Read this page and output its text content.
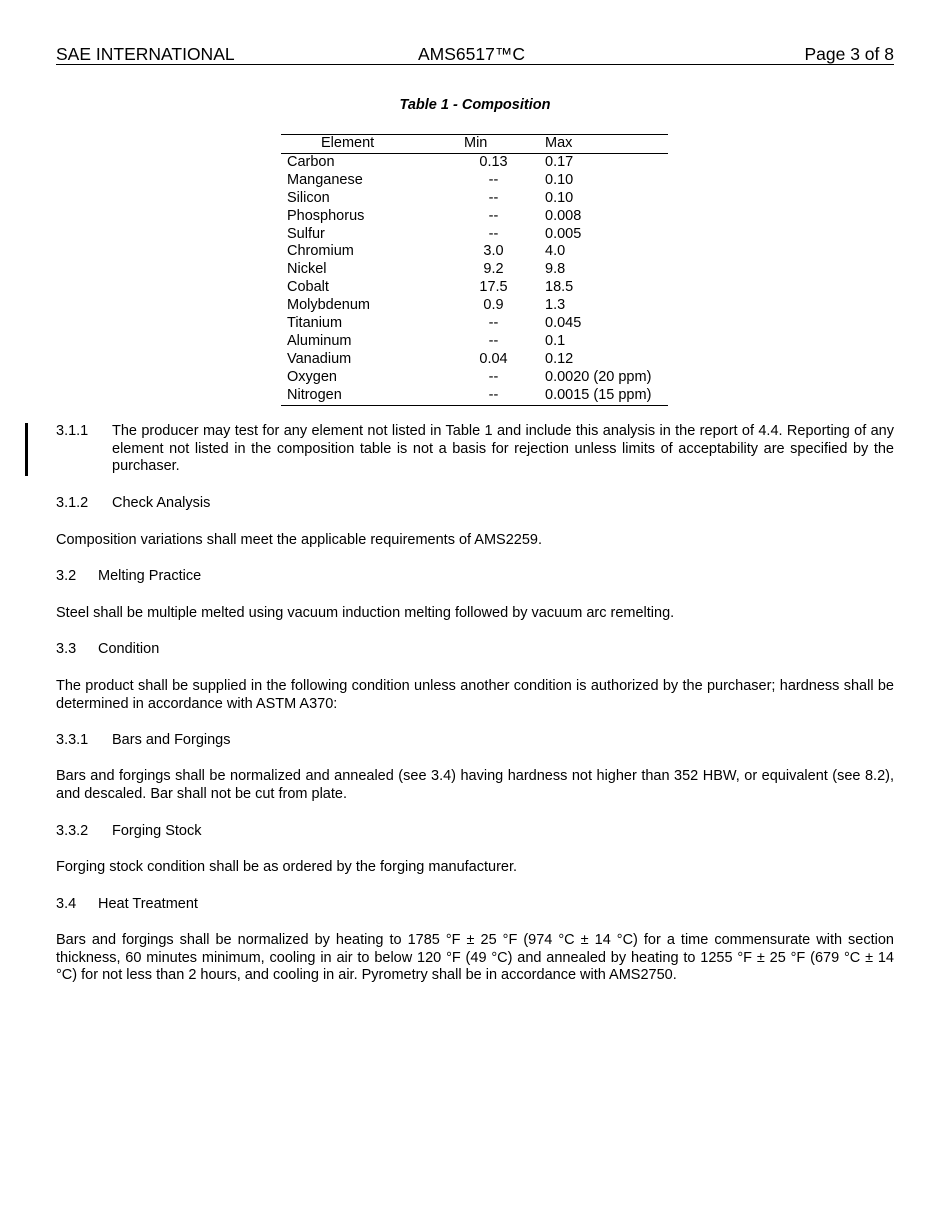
SAE INTERNATIONAL	AMS6517™C	Page 3 of 8
Table 1 - Composition
Element	Min	Max
Carbon	0.13	0.17
Manganese	--	0.10
Silicon	--	0.10
Phosphorus	--	0.008
Sulfur	--	0.005
Chromium	3.0	4.0
Nickel	9.2	9.8
Cobalt	17.5	18.5
Molybdenum	0.9	1.3
Titanium	--	0.045
Aluminum	--	0.1
Vanadium	0.04	0.12
Oxygen	--	0.0020 (20 ppm)
Nitrogen	--	0.0015 (15 ppm)
3.1.1 The producer may test for any element not listed in Table 1 and include this analysis in the report of 4.4. Reporting of any element not listed in the composition table is not a basis for rejection unless limits of acceptability are specified by the purchaser.
3.1.2 Check Analysis
Composition variations shall meet the applicable requirements of AMS2259.
3.2 Melting Practice
Steel shall be multiple melted using vacuum induction melting followed by vacuum arc remelting.
3.3 Condition
The product shall be supplied in the following condition unless another condition is authorized by the purchaser; hardness shall be determined in accordance with ASTM A370:
3.3.1 Bars and Forgings
Bars and forgings shall be normalized and annealed (see 3.4) having hardness not higher than 352 HBW, or equivalent (see 8.2), and descaled. Bar shall not be cut from plate.
3.3.2 Forging Stock
Forging stock condition shall be as ordered by the forging manufacturer.
3.4 Heat Treatment
Bars and forgings shall be normalized by heating to 1785 °F ± 25 °F (974 °C ± 14 °C) for a time commensurate with section thickness, 60 minutes minimum, cooling in air to below 120 °F (49 °C) and annealed by heating to 1255 °F ± 25 °F (679 °C ± 14 °C) for not less than 2 hours, and cooling in air. Pyrometry shall be in accordance with AMS2750.
